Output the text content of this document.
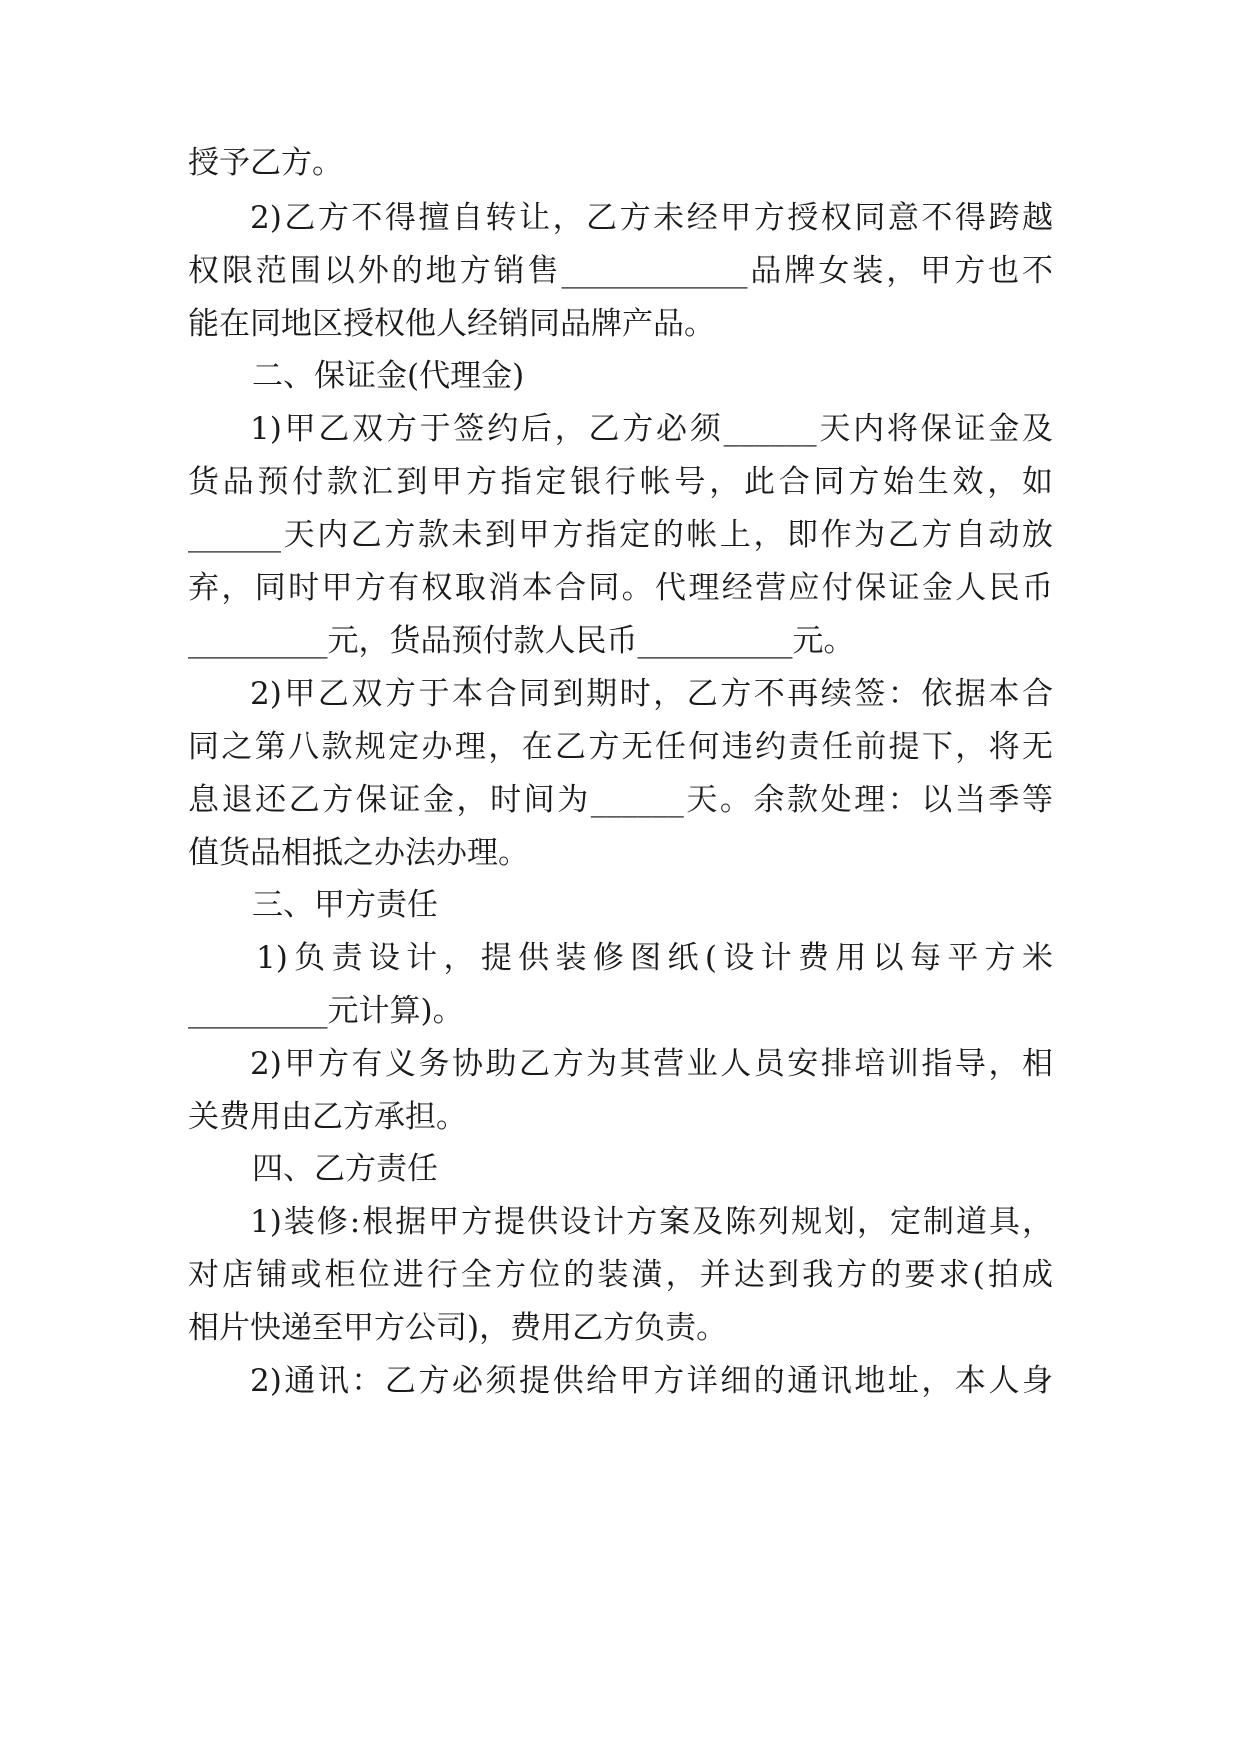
授予乙方。
2)乙方不得擅自转让，乙方未经甲方授权同意不得跨越
权限范围以外的地方销售____________品牌女装，甲方也不
能在同地区授权他人经销同品牌产品。
二、保证金(代理金)
1)甲乙双方于签约后，乙方必须______天内将保证金及
货品预付款汇到甲方指定银行帐号，此合同方始生效，如
______天内乙方款未到甲方指定的帐上，即作为乙方自动放
弃，同时甲方有权取消本合同。代理经营应付保证金人民币
_________元，货品预付款人民币__________元。
2)甲乙双方于本合同到期时，乙方不再续签：依据本合
同之第八款规定办理，在乙方无任何违约责任前提下，将无
息退还乙方保证金，时间为______天。余款处理：以当季等
值货品相抵之办法办理。
三、甲方责任
1)负责设计，提供装修图纸(设计费用以每平方米
_________元计算)。
2)甲方有义务协助乙方为其营业人员安排培训指导，相
关费用由乙方承担。
四、乙方责任
1)装修:根据甲方提供设计方案及陈列规划，定制道具，
对店铺或柜位进行全方位的装潢，并达到我方的要求(拍成
相片快递至甲方公司)，费用乙方负责。
2)通讯：乙方必须提供给甲方详细的通讯地址，本人身
